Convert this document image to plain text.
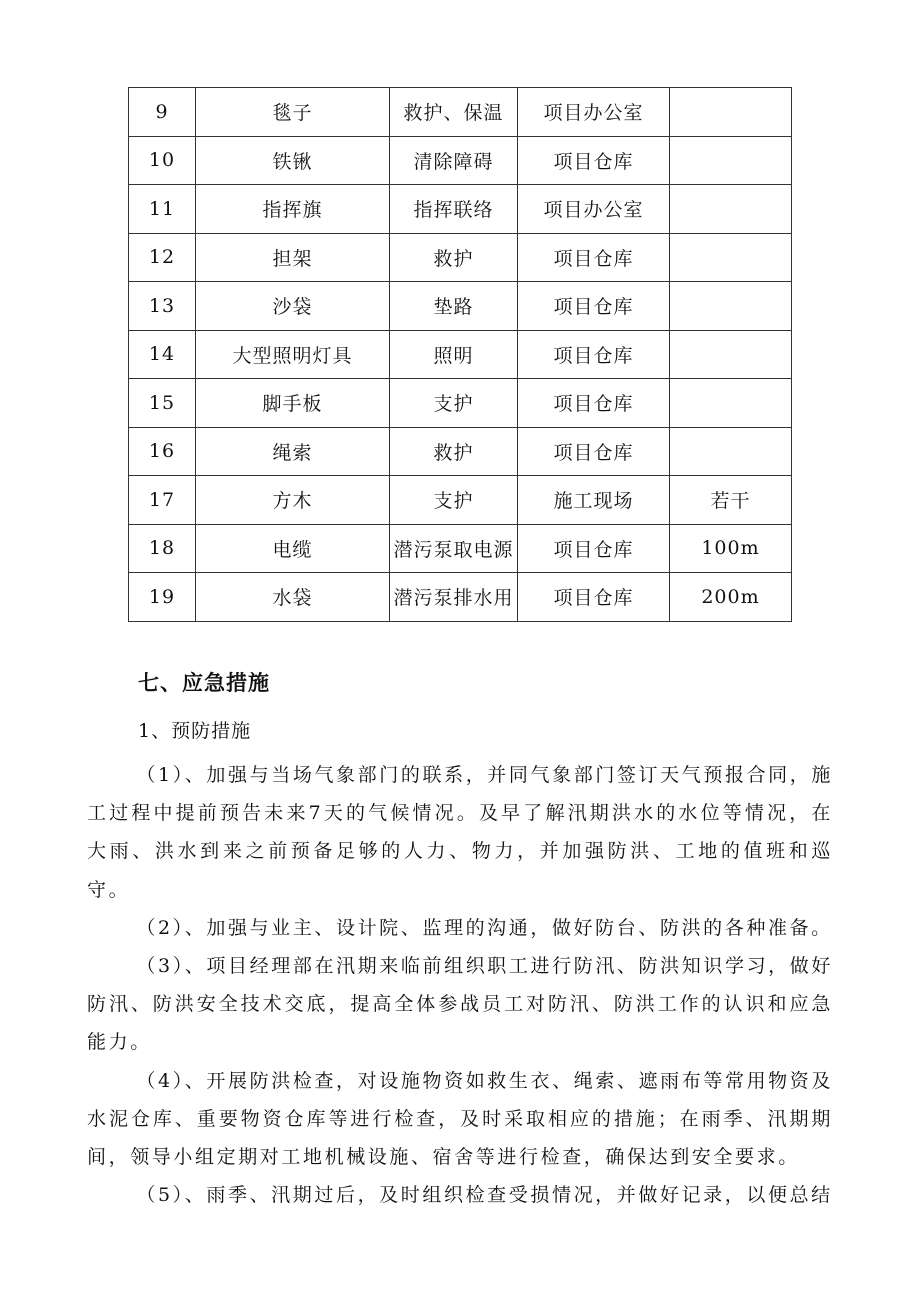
9	毯子	救护、保温	项目办公室	
10	铁锹	清除障碍	项目仓库	
11	指挥旗	指挥联络	项目办公室	
12	担架	救护	项目仓库	
13	沙袋	垫路	项目仓库	
14	大型照明灯具	照明	项目仓库	
15	脚手板	支护	项目仓库	
16	绳索	救护	项目仓库	
17	方木	支护	施工现场	若干
18	电缆	潜污泵取电源	项目仓库	100m
19	水袋	潜污泵排水用	项目仓库	200m
七、应急措施

1、预防措施

（1）、加强与当场气象部门的联系，并同气象部门签订天气预报合同，施工过程中提前预告未来7天的气候情况。及早了解汛期洪水的水位等情况，在大雨、洪水到来之前预备足够的人力、物力，并加强防洪、工地的值班和巡守。

（2）、加强与业主、设计院、监理的沟通，做好防台、防洪的各种准备。

（3）、项目经理部在汛期来临前组织职工进行防汛、防洪知识学习，做好防汛、防洪安全技术交底，提高全体参战员工对防汛、防洪工作的认识和应急能力。

（4）、开展防洪检查，对设施物资如救生衣、绳索、遮雨布等常用物资及水泥仓库、重要物资仓库等进行检查，及时采取相应的措施；在雨季、汛期期间，领导小组定期对工地机械设施、宿舍等进行检查，确保达到安全要求。

（5）、雨季、汛期过后，及时组织检查受损情况，并做好记录，以便总结
